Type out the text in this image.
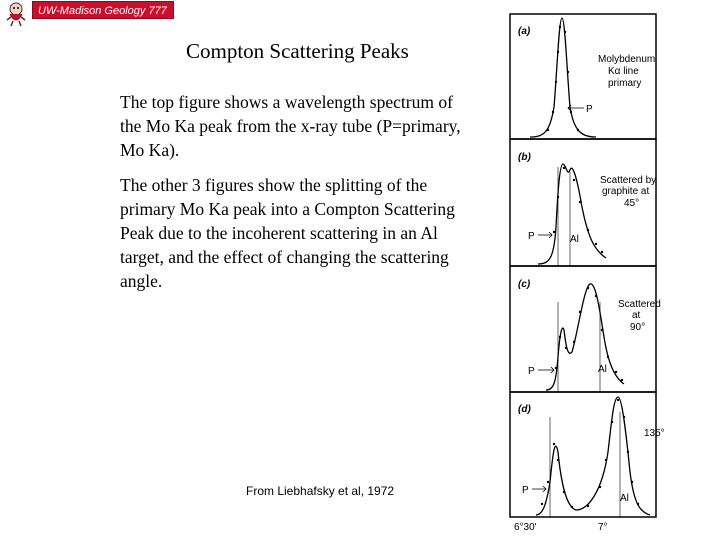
UW-Madison Geology 777
Compton Scattering Peaks
The top figure shows a wavelength spectrum of the Mo Ka peak from the x-ray tube (P=primary, Mo Ka).
The other 3 figures show the splitting of the primary Mo Ka peak into a Compton Scattering Peak due to the incoherent scattering in an Al target, and the effect of changing the scattering angle.
From Liebhafsky et al, 1972
(a)
(b)
(c)
(d)
Molybdenum
Kα line
primary
P
Scattered by
graphite at
45°
P	Al
Scattered
at
90°
P	Al
135°
P
Al
6°30'	7°
